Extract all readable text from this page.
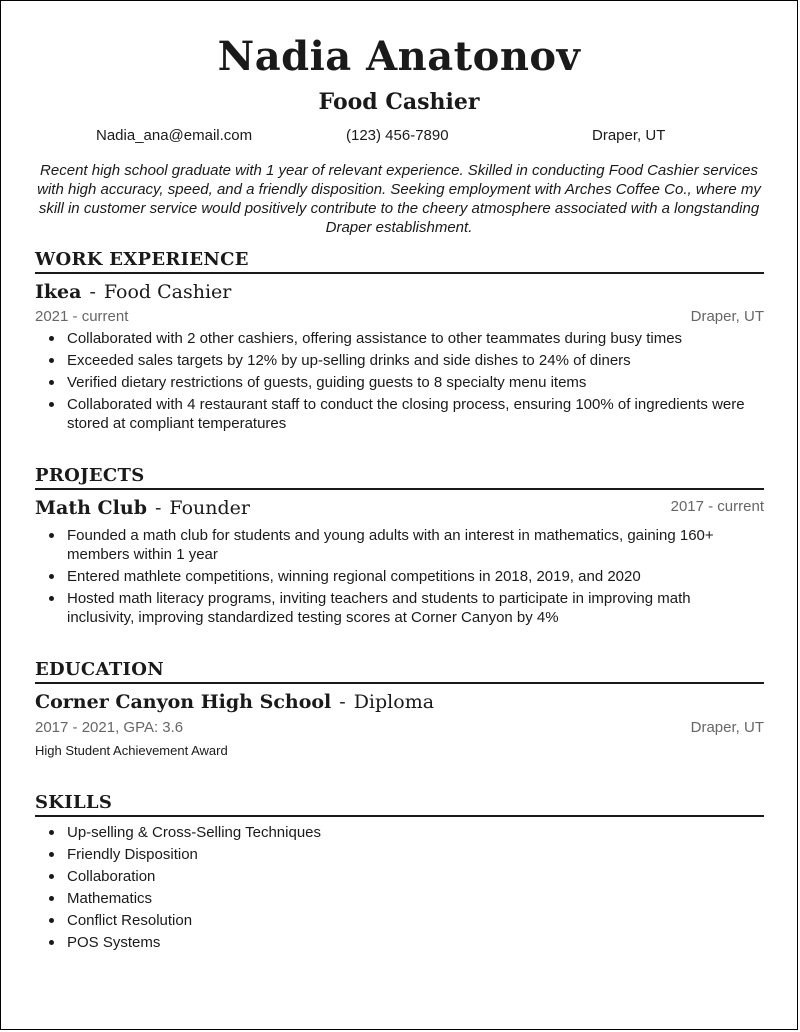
Nadia Anatonov
Food Cashier
Nadia_ana@email.com	(123) 456-7890	Draper, UT
Recent high school graduate with 1 year of relevant experience. Skilled in conducting Food Cashier services with high accuracy, speed, and a friendly disposition. Seeking employment with Arches Coffee Co., where my skill in customer service would positively contribute to the cheery atmosphere associated with a longstanding Draper establishment.
WORK EXPERIENCE
Ikea - Food Cashier
2021 - current	Draper, UT
Collaborated with 2 other cashiers, offering assistance to other teammates during busy times
Exceeded sales targets by 12% by up-selling drinks and side dishes to 24% of diners
Verified dietary restrictions of guests, guiding guests to 8 specialty menu items
Collaborated with 4 restaurant staff to conduct the closing process, ensuring 100% of ingredients were stored at compliant temperatures
PROJECTS
Math Club - Founder	2017 - current
Founded a math club for students and young adults with an interest in mathematics, gaining 160+ members within 1 year
Entered mathlete competitions, winning regional competitions in 2018, 2019, and 2020
Hosted math literacy programs, inviting teachers and students to participate in improving math inclusivity, improving standardized testing scores at Corner Canyon by 4%
EDUCATION
Corner Canyon High School - Diploma
2017 - 2021, GPA: 3.6	Draper, UT
High Student Achievement Award
SKILLS
Up-selling & Cross-Selling Techniques
Friendly Disposition
Collaboration
Mathematics
Conflict Resolution
POS Systems
